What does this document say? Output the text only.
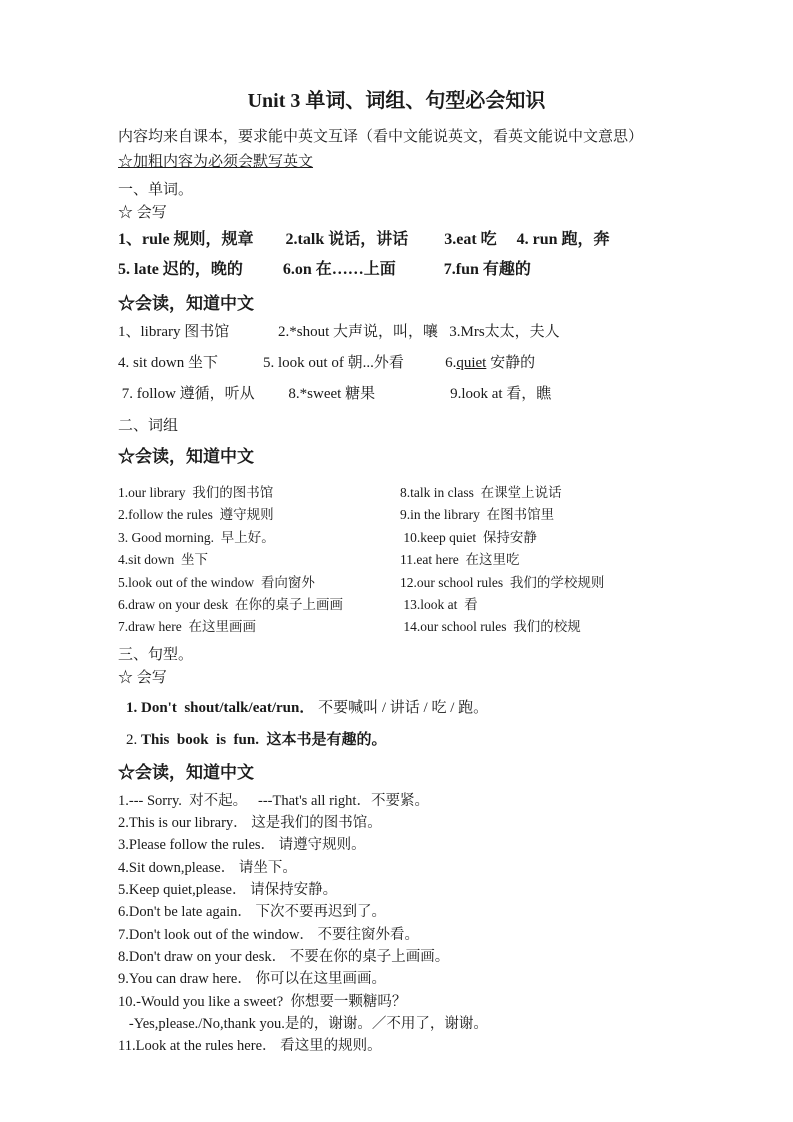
Unit 3 单词、词组、句型必会知识

内容均来自课本，要求能中英文互译（看中文能说英文，看英文能说中文意思）

☆加粗内容为必须会默写英文

一、单词。

☆ 会写

1、rule 规则，规章        2.talk 说话，讲话         3.eat 吃     4. run 跑，奔

5. late 迟的，晚的          6.on 在……上面            7.fun 有趣的

☆会读，知道中文

1、library 图书馆             2.*shout 大声说，叫，嚷   3.Mrs太太，夫人

4. sit down 坐下            5. look out of 朝...外看           6.quiet 安静的

7. follow 遵循，听从         8.*sweet 糖果                    9.look at 看，瞧

二、词组

☆会读，知道中文

1.our library  我们的图书馆
2.follow the rules  遵守规则
3. Good morning.  早上好。
4.sit down  坐下
5.look out of the window  看向窗外
6.draw on your desk  在你的桌子上画画
7.draw here  在这里画画
8.talk in class  在课堂上说话
9.in the library  在图书馆里
10.keep quiet  保持安静
11.eat here  在这里吃
12.our school rules  我们的学校规则
13.look at  看
14.our school rules  我们的校规

三、句型。

☆ 会写

1. Don't  shout/talk/eat/run． 不要喊叫 / 讲话 / 吃 / 跑。

2. This  book  is  fun.  这本书是有趣的。

☆会读，知道中文

1.--- Sorry.  对不起。   ---That's all right．不要紧。
2.This is our library． 这是我们的图书馆。
3.Please follow the rules． 请遵守规则。
4.Sit down,please． 请坐下。
5.Keep quiet,please． 请保持安静。
6.Don't be late again． 下次不要再迟到了。
7.Don't look out of the window． 不要往窗外看。
8.Don't draw on your desk． 不要在你的桌子上画画。
9.You can draw here． 你可以在这里画画。
10.-Would you like a sweet?  你想要一颗糖吗？
-Yes,please./No,thank you.是的，谢谢。／不用了，谢谢。
11.Look at the rules here． 看这里的规则。
